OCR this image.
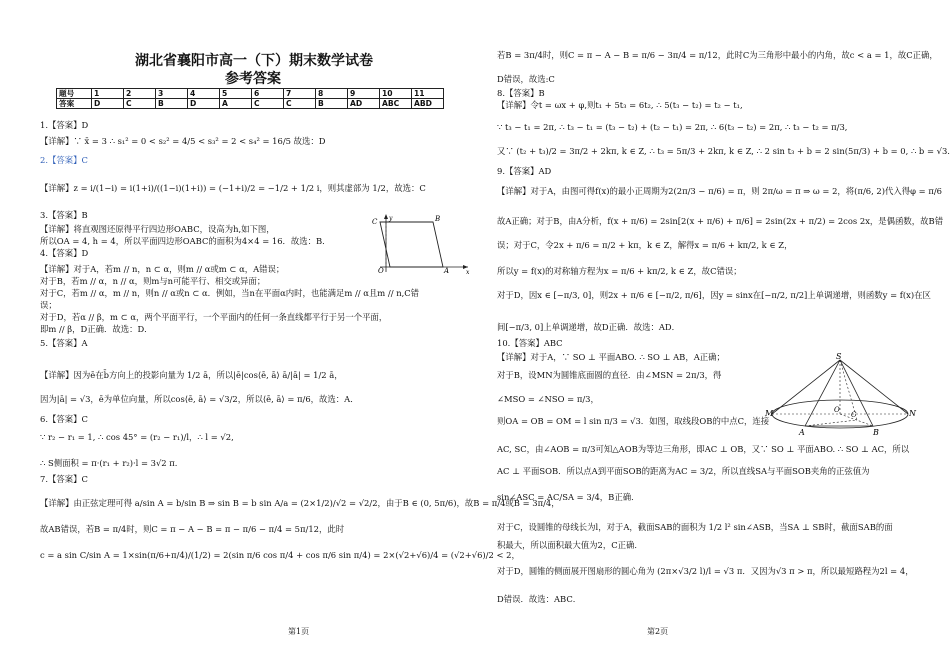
湖北省襄阳市高一（下）期末数学试卷
参考答案
题号	1	2	3	4	5	6	7	8	9	10	11
答案	D	C	B	D	A	C	C	B	AD	ABC	ABD
1.【答案】D
【详解】∵ x̄ = 3 ∴ s₁² = 0 < s₂² = 4/5 < s₃² = 2 < s₄² = 16/5 故选：D
2.【答案】C
【详解】z = i/(1−i) = i(1+i)/((1−i)(1+i)) = (−1+i)/2 = −1/2 + 1/2 i，则其虚部为 1/2，故选：C
3.【答案】B
【详解】将直观图还原得平行四边形OABC，设高为h,如下图，
所以OA = 4, h = 4，所以平面四边形OABC的面积为4×4 = 16．故选：B．
4.【答案】D
【详解】对于A，若m // n，n ⊂ α，则m // α或m ⊂ α，A错误；
对于B，若m // α，n // α，则m与n可能平行、相交或异面；
对于C，若m // α，m // n，则n // α或n ⊂ α．例如，当n在平面α内时，也能满足m // α且m // n,C错
误；
对于D，若α // β，m ⊂ α，两个平面平行，一个平面内的任何一条直线都平行于另一个平面，
即m // β，D正确．故选：D．
5.【答案】A
【详解】因为ē在b̄方向上的投影向量为 1/2 ā，所以|ē|cos⟨ē, ā⟩ ā/|ā| = 1/2 ā，
因为|ā| = √3，ē为单位向量，所以cos⟨ē, ā⟩ = √3/2，所以⟨ē, ā⟩ = π/6，故选：A．
6.【答案】C
∵ r₂ − r₁ = 1, ∴ cos 45° = (r₂ − r₁)/l，∴ l = √2,
∴ S侧面积 = π·(r₁ + r₂)·l = 3√2 π.
7.【答案】C
【详解】由正弦定理可得 a/sin A = b/sin B ⇒ sin B = b sin A/a = (2×1/2)/√2 = √2/2，由于B ∈ (0, 5π/6)，故B = π/4或B = 3π/4，
故AB错误，若B = π/4时，则C = π − A − B = π − π/6 − π/4 = 5π/12，此时
c = a sin C/sin A = 1×sin(π/6+π/4)/(1/2) = 2(sin π/6 cos π/4 + cos π/6 sin π/4) = 2×(√2+√6)/4 = (√2+√6)/2 < 2，
C	B
O	A	x
y
第1页
若B = 3π/4时，则C = π − A − B = π/6 − 3π/4 = π/12，此时C为三角形中最小的内角，故c < a = 1，故C正确，
D错误，故选:C
8.【答案】B
【详解】令t = ωx + φ,则t₁ + 5t₃ = 6t₂, ∴ 5(t₃ − t₂) = t₂ − t₁,
∵ t₃ − t₁ = 2π, ∴ t₃ − t₁ = (t₃ − t₂) + (t₂ − t₁) = 2π, ∴ 6(t₃ − t₂) = 2π, ∴ t₃ − t₂ = π/3,
又∵ (t₂ + t₃)/2 = 3π/2 + 2kπ, k ∈ Z, ∴ t₃ = 5π/3 + 2kπ, k ∈ Z, ∴ 2 sin t₃ + b = 2 sin(5π/3) + b = 0, ∴ b = √3.
9.【答案】AD
【详解】对于A，由图可得f(x)的最小正周期为2(2π/3 − π/6) = π，则 2π/ω = π ⇒ ω = 2，将(π/6, 2)代入得φ = π/6
故A正确；对于B，由A分析，f(x + π/6) = 2sin[2(x + π/6) + π/6] = 2sin(2x + π/2) = 2cos 2x，是偶函数，故B错
误；对于C，令2x + π/6 = π/2 + kπ，k ∈ Z，解得x = π/6 + kπ/2, k ∈ Z，
所以y = f(x)的对称轴方程为x = π/6 + kπ/2, k ∈ Z，故C错误；
对于D，因x ∈ [−π/3, 0]，则2x + π/6 ∈ [−π/2, π/6]，因y = sinx在[−π/2, π/2]上单调递增，则函数y = f(x)在区
间[−π/3, 0]上单调递增，故D正确．故选：AD．
10.【答案】ABC
【详解】对于A，∵ SO ⊥ 平面ABO. ∴ SO ⊥ AB，A正确；
对于B，设MN为圆锥底面圆的直径．由∠MSN = 2π/3，得
∠MSO = ∠NSO = π/3，
则OA = OB = OM = l sin π/3 = √3．如图，取线段OB的中点C，连接
AC, SC，由∠AOB = π/3可知△AOB为等边三角形，即AC ⊥ OB，又∵ SO ⊥ 平面ABO. ∴ SO ⊥ AC，所以
AC ⊥ 平面SOB．所以点A到平面SOB的距离为AC = 3/2，所以直线SA与平面SOB夹角的正弦值为
sin∠ASC = AC/SA = 3/4，B正确．
对于C，设圆锥的母线长为l，对于A，截面SAB的面积为 1/2 l² sin∠ASB，当SA ⊥ SB时，截面SAB的面
积最大，所以面积最大值为2，C正确．
对于D，圆锥的侧面展开图扇形的圆心角为 (2π×√3/2 l)/l = √3 π．又因为√3 π > π，所以最短路程为2l = 4，
D错误．故选：ABC．
S
M	O
C	N
A	B
第2页
